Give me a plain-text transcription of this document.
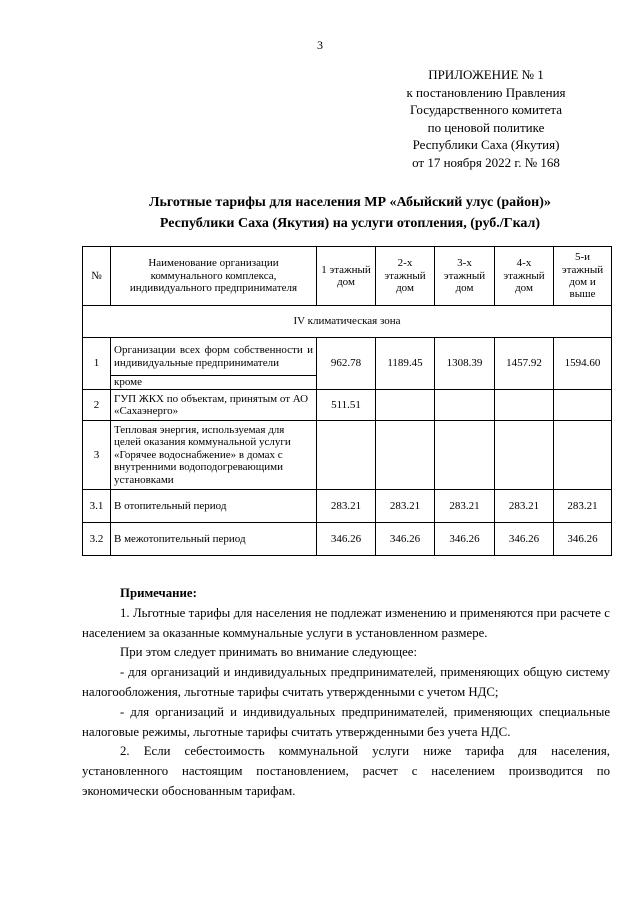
3
ПРИЛОЖЕНИЕ № 1
к постановлению Правления
Государственного комитета
по ценовой политике
Республики Саха (Якутия)
от 17 ноября 2022 г. № 168
Льготные тарифы для населения МР «Абыйский улус (район)»
Республики Саха (Якутия) на услуги отопления, (руб./Гкал)
№	Наименование организации коммунального комплекса, индивидуального предпринимателя	1 этажный дом	2-х этажный дом	3-х этажный дом	4-х этажный дом	5-и этажный дом и выше
IV климатическая зона						
1	Организации всех форм собственности и индивидуальные предприниматели	962.78	1189.45	1308.39	1457.92	1594.60
	кроме					
2	ГУП ЖКХ по объектам, принятым от АО «Сахаэнерго»	511.51				
3	Тепловая энергия, используемая для целей оказания коммунальной услуги «Горячее водоснабжение» в домах с внутренними водоподогревающими установками					
3.1	В отопительный период	283.21	283.21	283.21	283.21	283.21
3.2	В межотопительный период	346.26	346.26	346.26	346.26	346.26
Примечание:

1. Льготные тарифы для населения не подлежат изменению и применяются при расчете с населением за оказанные коммунальные услуги в установленном размере.

При этом следует принимать во внимание следующее:

- для организаций и индивидуальных предпринимателей, применяющих общую систему налогообложения, льготные тарифы считать утвержденными с учетом НДС;

- для организаций и индивидуальных предпринимателей, применяющих специальные налоговые режимы, льготные тарифы считать утвержденными без учета НДС.

2. Если себестоимость коммунальной услуги ниже тарифа для населения, установленного настоящим постановлением, расчет с населением производится по экономически обоснованным тарифам.
